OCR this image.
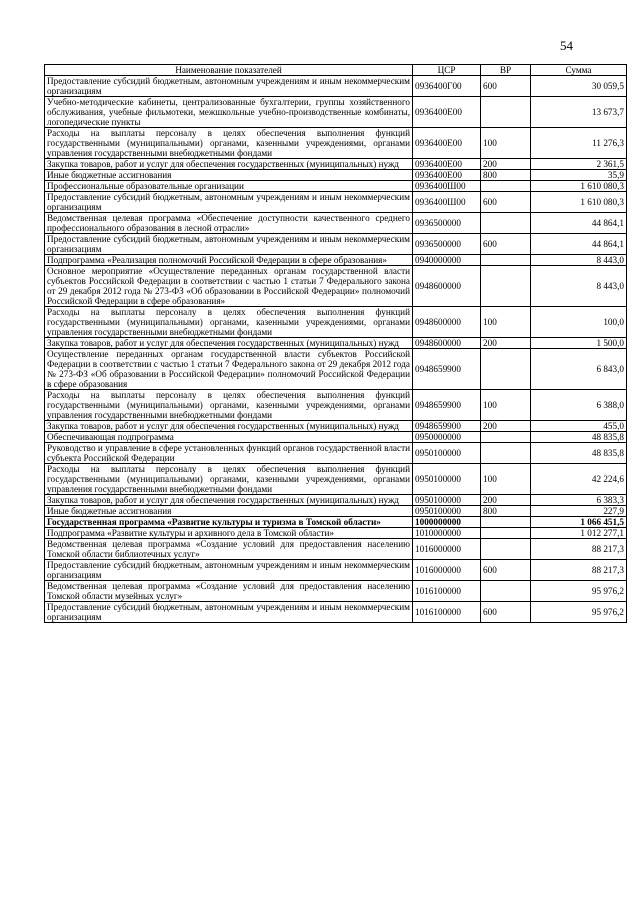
54
Наименование показателей	ЦСР	ВР	Сумма
Предоставление субсидий бюджетным, автономным учреждениям и иным некоммерческим организациям	0936400Г00	600	30 059,5
Учебно-методические кабинеты, централизованные бухгалтерии, группы хозяйственного обслуживания, учебные фильмотеки, межшкольные учебно-производственные комбинаты, логопедические пункты	0936400Е00		13 673,7
Расходы на выплаты персоналу в целях обеспечения выполнения функций государственными (муниципальными) органами, казенными учреждениями, органами управления государственными внебюджетными фондами	0936400Е00	100	11 276,3
Закупка товаров, работ и услуг для обеспечения государственных (муниципальных) нужд	0936400Е00	200	2 361,5
Иные бюджетные ассигнования	0936400Е00	800	35,9
Профессиональные образовательные организации	0936400Ш00		1 610 080,3
Предоставление субсидий бюджетным, автономным учреждениям и иным некоммерческим организациям	0936400Ш00	600	1 610 080,3
Ведомственная целевая программа «Обеспечение доступности качественного среднего профессионального образования в лесной отрасли»	0936500000		44 864,1
Предоставление субсидий бюджетным, автономным учреждениям и иным некоммерческим организациям	0936500000	600	44 864,1
Подпрограмма «Реализация полномочий Российской Федерации в сфере образования»	0940000000		8 443,0
Основное мероприятие «Осуществление переданных органам государственной власти субъектов Российской Федерации в соответствии с частью 1 статьи 7 Федерального закона от 29 декабря 2012 года № 273-ФЗ «Об образовании в Российской Федерации» полномочий Российской Федерации в сфере образования»	0948600000		8 443,0
Расходы на выплаты персоналу в целях обеспечения выполнения функций государственными (муниципальными) органами, казенными учреждениями, органами управления государственными внебюджетными фондами	0948600000	100	100,0
Закупка товаров, работ и услуг для обеспечения государственных (муниципальных) нужд	0948600000	200	1 500,0
Осуществление переданных органам государственной власти субъектов Российской Федерации в соответствии с частью 1 статьи 7 Федерального закона от 29 декабря 2012 года № 273-ФЗ «Об образовании в Российской Федерации» полномочий Российской Федерации в сфере образования	0948659900		6 843,0
Расходы на выплаты персоналу в целях обеспечения выполнения функций государственными (муниципальными) органами, казенными учреждениями, органами управления государственными внебюджетными фондами	0948659900	100	6 388,0
Закупка товаров, работ и услуг для обеспечения государственных (муниципальных) нужд	0948659900	200	455,0
Обеспечивающая подпрограмма	0950000000		48 835,8
Руководство и управление в сфере установленных функций органов государственной власти субъекта Российской Федерации	0950100000		48 835,8
Расходы на выплаты персоналу в целях обеспечения выполнения функций государственными (муниципальными) органами, казенными учреждениями, органами управления государственными внебюджетными фондами	0950100000	100	42 224,6
Закупка товаров, работ и услуг для обеспечения государственных (муниципальных) нужд	0950100000	200	6 383,3
Иные бюджетные ассигнования	0950100000	800	227,9
Государственная программа «Развитие культуры и туризма в Томской области»	1000000000		1 066 451,5
Подпрограмма «Развитие культуры и архивного дела в Томской области»	1010000000		1 012 277,1
Ведомственная целевая программа «Создание условий для предоставления населению Томской области библиотечных услуг»	1016000000		88 217,3
Предоставление субсидий бюджетным, автономным учреждениям и иным некоммерческим организациям	1016000000	600	88 217,3
Ведомственная целевая программа «Создание условий для предоставления населению Томской области музейных услуг»	1016100000		95 976,2
Предоставление субсидий бюджетным, автономным учреждениям и иным некоммерческим организациям	1016100000	600	95 976,2
